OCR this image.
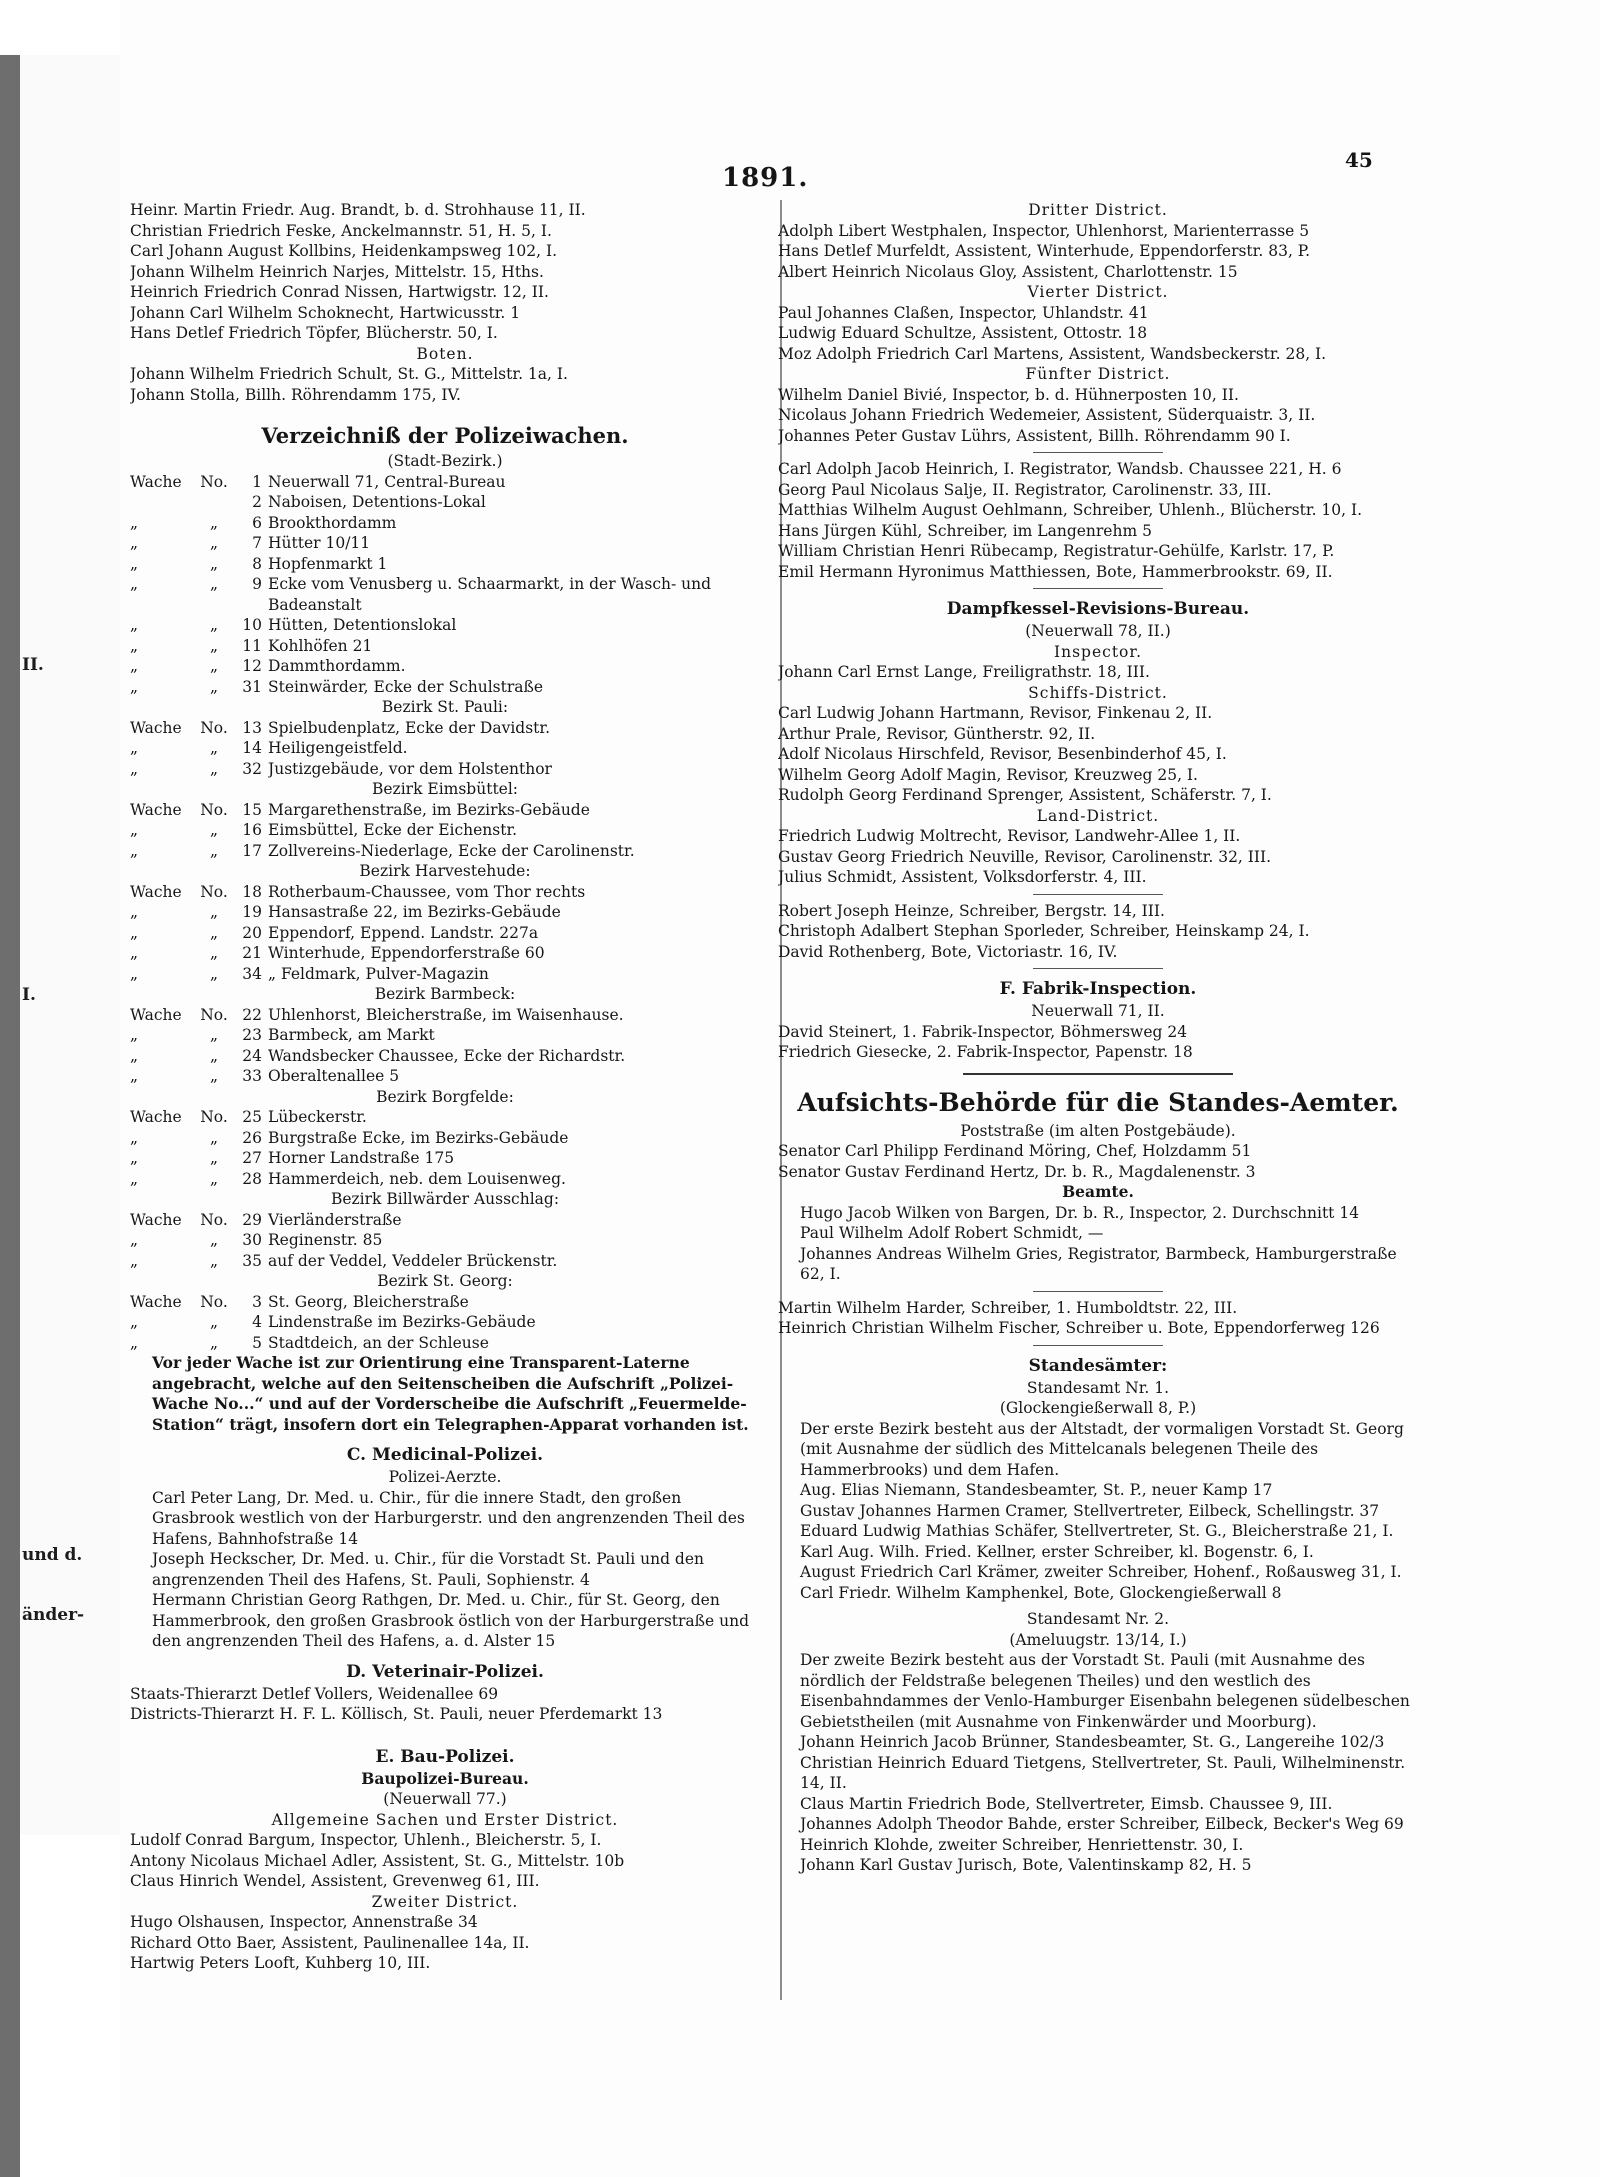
II.
I.
und d.
änder-
1891.
45
Heinr. Martin Friedr. Aug. Brandt, b. d. Strohhause 11, II.
Christian Friedrich Feske, Anckelmannstr. 51, H. 5, I.
Carl Johann August Kollbins, Heidenkampsweg 102, I.
Johann Wilhelm Heinrich Narjes, Mittelstr. 15, Hths.
Heinrich Friedrich Conrad Nissen, Hartwigstr. 12, II.
Johann Carl Wilhelm Schoknecht, Hartwicusstr. 1
Hans Detlef Friedrich Töpfer, Blücherstr. 50, I.
Boten.
Johann Wilhelm Friedrich Schult, St. G., Mittelstr. 1a, I.
Johann Stolla, Billh. Röhrendamm 175, IV.
Verzeichniß der Polizeiwachen.
(Stadt-Bezirk.)
Wache	No.	1 Neuerwall 71, Central-Bureau
2 Naboisen, Detentions-Lokal
„	„	6 Brookthordamm
„	„	7 Hütter 10/11
„	„	8 Hopfenmarkt 1
„	„	9 Ecke vom Venusberg u. Schaarmarkt, in der Wasch- und
Badeanstalt
„	„	10 Hütten, Detentionslokal
„	„	11 Kohlhöfen 21
„	„	12 Dammthordamm.
„	„	31 Steinwärder, Ecke der Schulstraße
Bezirk St. Pauli:
Wache	No. 13 Spielbudenplatz, Ecke der Davidstr.
„	„	14 Heiligengeistfeld.
„	„	32 Justizgebäude, vor dem Holstenthor
Bezirk Eimsbüttel:
Wache	No. 15 Margarethenstraße, im Bezirks-Gebäude
„	„	16 Eimsbüttel, Ecke der Eichenstr.
„	„	17 Zollvereins-Niederlage, Ecke der Carolinenstr.
Bezirk Harvestehude:
Wache	No. 18 Rotherbaum-Chaussee, vom Thor rechts
„	„	19 Hansastraße 22, im Bezirks-Gebäude
„	„	20 Eppendorf, Eppend. Landstr. 227a
„	„	21 Winterhude, Eppendorferstraße 60
„	„	34 „ Feldmark, Pulver-Magazin
Bezirk Barmbeck:
Wache	No. 22 Uhlenhorst, Bleicherstraße, im Waisenhause.
„	„	23 Barmbeck, am Markt
„	„	24 Wandsbecker Chaussee, Ecke der Richardstr.
„	„	33 Oberaltenallee 5
Bezirk Borgfelde:
Wache	No. 25 Lübeckerstr.
„	„	26 Burgstraße Ecke, im Bezirks-Gebäude
„	„	27 Horner Landstraße 175
„	„	28 Hammerdeich, neb. dem Louisenweg.
Bezirk Billwärder Ausschlag:
Wache	No. 29 Vierländerstraße
„	„	30 Reginenstr. 85
„	„	35 auf der Veddel, Veddeler Brückenstr.
Bezirk St. Georg:
Wache	No.	3 St. Georg, Bleicherstraße
„	„	4 Lindenstraße im Bezirks-Gebäude
„	„	5 Stadtdeich, an der Schleuse
Vor jeder Wache ist zur Orientirung eine Transparent-Laterne angebracht, welche auf den Seitenscheiben die Aufschrift „Polizei-Wache No...“ und auf der Vorderscheibe die Aufschrift „Feuermelde-Station“ trägt, insofern dort ein Telegraphen-Apparat vorhanden ist.
C. Medicinal-Polizei.
Polizei-Aerzte.
Carl Peter Lang, Dr. Med. u. Chir., für die innere Stadt, den großen Grasbrook westlich von der Harburgerstr. und den angrenzenden Theil des Hafens, Bahnhofstraße 14
Joseph Heckscher, Dr. Med. u. Chir., für die Vorstadt St. Pauli und den angrenzenden Theil des Hafens, St. Pauli, Sophienstr. 4
Hermann Christian Georg Rathgen, Dr. Med. u. Chir., für St. Georg, den Hammerbrook, den großen Grasbrook östlich von der Harburgerstraße und den angrenzenden Theil des Hafens, a. d. Alster 15
D. Veterinair-Polizei.
Staats-Thierarzt Detlef Vollers, Weidenallee 69
Districts-Thierarzt H. F. L. Köllisch, St. Pauli, neuer Pferdemarkt 13
E. Bau-Polizei.
Baupolizei-Bureau.
(Neuerwall 77.)
Allgemeine Sachen und Erster District.
Ludolf Conrad Bargum, Inspector, Uhlenh., Bleicherstr. 5, I.
Antony Nicolaus Michael Adler, Assistent, St. G., Mittelstr. 10b
Claus Hinrich Wendel, Assistent, Grevenweg 61, III.
Zweiter District.
Hugo Olshausen, Inspector, Annenstraße 34
Richard Otto Baer, Assistent, Paulinenallee 14a, II.
Hartwig Peters Looft, Kuhberg 10, III.
Dritter District.
Adolph Libert Westphalen, Inspector, Uhlenhorst, Marienterrasse 5
Hans Detlef Murfeldt, Assistent, Winterhude, Eppendorferstr. 83, P.
Albert Heinrich Nicolaus Gloy, Assistent, Charlottenstr. 15
Vierter District.
Paul Johannes Claßen, Inspector, Uhlandstr. 41
Ludwig Eduard Schultze, Assistent, Ottostr. 18
Moz Adolph Friedrich Carl Martens, Assistent, Wandsbeckerstr. 28, I.
Fünfter District.
Wilhelm Daniel Bivié, Inspector, b. d. Hühnerposten 10, II.
Nicolaus Johann Friedrich Wedemeier, Assistent, Süderquaistr. 3, II.
Johannes Peter Gustav Lührs, Assistent, Billh. Röhrendamm 90 I.
Carl Adolph Jacob Heinrich, I. Registrator, Wandsb. Chaussee 221, H. 6
Georg Paul Nicolaus Salje, II. Registrator, Carolinenstr. 33, III.
Matthias Wilhelm August Oehlmann, Schreiber, Uhlenh., Blücherstr. 10, I.
Hans Jürgen Kühl, Schreiber, im Langenrehm 5
William Christian Henri Rübecamp, Registratur-Gehülfe, Karlstr. 17, P.
Emil Hermann Hyronimus Matthiessen, Bote, Hammerbrookstr. 69, II.
Dampfkessel-Revisions-Bureau.
(Neuerwall 78, II.)
Inspector.
Johann Carl Ernst Lange, Freiligrathstr. 18, III.
Schiffs-District.
Carl Ludwig Johann Hartmann, Revisor, Finkenau 2, II.
Arthur Prale, Revisor, Güntherstr. 92, II.
Adolf Nicolaus Hirschfeld, Revisor, Besenbinderhof 45, I.
Wilhelm Georg Adolf Magin, Revisor, Kreuzweg 25, I.
Rudolph Georg Ferdinand Sprenger, Assistent, Schäferstr. 7, I.
Land-District.
Friedrich Ludwig Moltrecht, Revisor, Landwehr-Allee 1, II.
Gustav Georg Friedrich Neuville, Revisor, Carolinenstr. 32, III.
Julius Schmidt, Assistent, Volksdorferstr. 4, III.
Robert Joseph Heinze, Schreiber, Bergstr. 14, III.
Christoph Adalbert Stephan Sporleder, Schreiber, Heinskamp 24, I.
David Rothenberg, Bote, Victoriastr. 16, IV.
F. Fabrik-Inspection.
Neuerwall 71, II.
David Steinert, 1. Fabrik-Inspector, Böhmersweg 24
Friedrich Giesecke, 2. Fabrik-Inspector, Papenstr. 18
Aufsichts-Behörde für die Standes-Aemter.
Poststraße (im alten Postgebäude).
Senator Carl Philipp Ferdinand Möring, Chef, Holzdamm 51
Senator Gustav Ferdinand Hertz, Dr. b. R., Magdalenenstr. 3
Beamte.
Hugo Jacob Wilken von Bargen, Dr. b. R., Inspector, 2. Durchschnitt 14
Paul Wilhelm Adolf Robert Schmidt, —
Johannes Andreas Wilhelm Gries, Registrator, Barmbeck, Hamburgerstraße 62, I.
Martin Wilhelm Harder, Schreiber, 1. Humboldtstr. 22, III.
Heinrich Christian Wilhelm Fischer, Schreiber u. Bote, Eppendorferweg 126
Standesämter:
Standesamt Nr. 1.
(Glockengießerwall 8, P.)
Der erste Bezirk besteht aus der Altstadt, der vormaligen Vorstadt St. Georg (mit Ausnahme der südlich des Mittelcanals belegenen Theile des Hammerbrooks) und dem Hafen.
Aug. Elias Niemann, Standesbeamter, St. P., neuer Kamp 17
Gustav Johannes Harmen Cramer, Stellvertreter, Eilbeck, Schellingstr. 37
Eduard Ludwig Mathias Schäfer, Stellvertreter, St. G., Bleicherstraße 21, I.
Karl Aug. Wilh. Fried. Kellner, erster Schreiber, kl. Bogenstr. 6, I.
August Friedrich Carl Krämer, zweiter Schreiber, Hohenf., Roßausweg 31, I.
Carl Friedr. Wilhelm Kamphenkel, Bote, Glockengießerwall 8
Standesamt Nr. 2.
(Ameluugstr. 13/14, I.)
Der zweite Bezirk besteht aus der Vorstadt St. Pauli (mit Ausnahme des nördlich der Feldstraße belegenen Theiles) und den westlich des Eisenbahndammes der Venlo-Hamburger Eisenbahn belegenen südelbeschen Gebietstheilen (mit Ausnahme von Finkenwärder und Moorburg).
Johann Heinrich Jacob Brünner, Standesbeamter, St. G., Langereihe 102/3
Christian Heinrich Eduard Tietgens, Stellvertreter, St. Pauli, Wilhelminenstr. 14, II.
Claus Martin Friedrich Bode, Stellvertreter, Eimsb. Chaussee 9, III.
Johannes Adolph Theodor Bahde, erster Schreiber, Eilbeck, Becker's Weg 69
Heinrich Klohde, zweiter Schreiber, Henriettenstr. 30, I.
Johann Karl Gustav Jurisch, Bote, Valentinskamp 82, H. 5
